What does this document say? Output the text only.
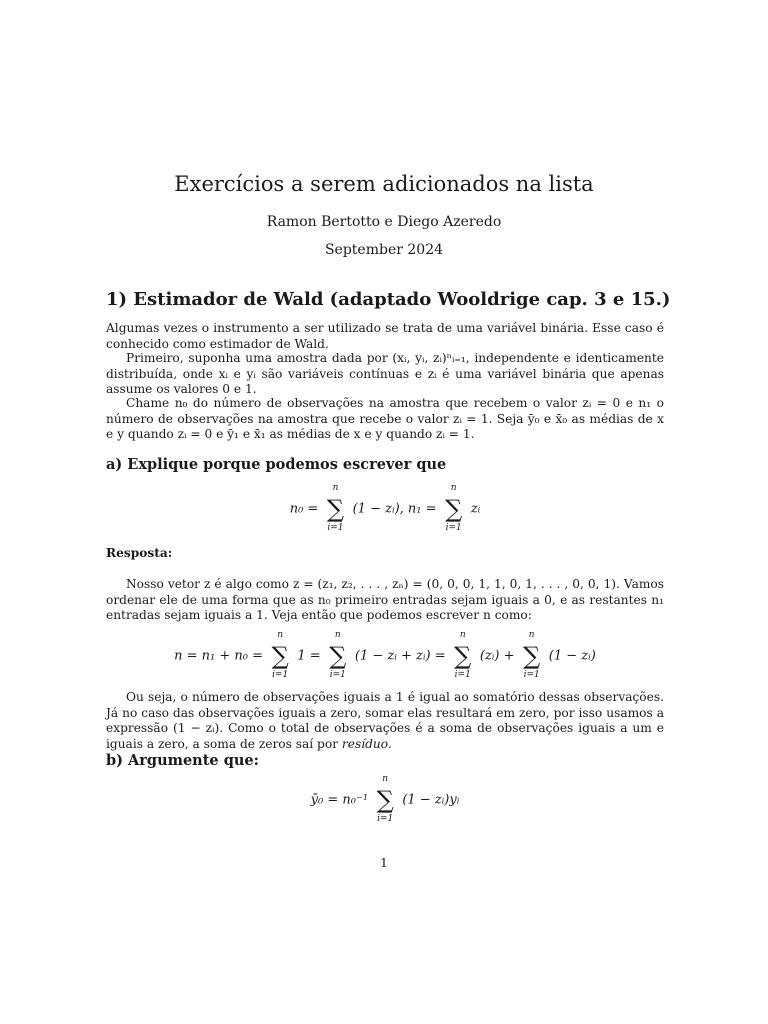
Exercícios a serem adicionados na lista
Ramon Bertotto e Diego Azeredo
September 2024
1) Estimador de Wald (adaptado Wooldrige cap. 3 e 15.)
Algumas vezes o instrumento a ser utilizado se trata de uma variável binária. Esse caso é conhecido como estimador de Wald.
Primeiro, suponha uma amostra dada por (xᵢ, yᵢ, zᵢ)ⁿᵢ₌₁, independente e identicamente distribuída, onde xᵢ e yᵢ são variáveis contínuas e zᵢ é uma variável binária que apenas assume os valores 0 e 1.
Chame n₀ do número de observações na amostra que recebem o valor zᵢ = 0 e n₁ o número de observações na amostra que recebe o valor zᵢ = 1. Seja ȳ₀ e x̄₀ as médias de x e y quando zᵢ = 0 e ȳ₁ e x̄₁ as médias de x e y quando zᵢ = 1.
a) Explique porque podemos escrever que
n₀ =
n
∑
i=1
(1 − zᵢ), n₁ =
n
∑
i=1
zᵢ
Resposta:
Nosso vetor z é algo como z = (z₁, z₂, . . . , zₙ) = (0, 0, 0, 1, 1, 0, 1, . . . , 0, 0, 1). Vamos ordenar ele de uma forma que as n₀ primeiro entradas sejam iguais a 0, e as restantes n₁ entradas sejam iguais a 1. Veja então que podemos escrever n como:
n = n₁ + n₀ =
n
∑
i=1
1 =
n
∑
i=1
(1 − zᵢ + zᵢ) =
n
∑
i=1
(zᵢ) +
n
∑
i=1
(1 − zᵢ)
Ou seja, o número de observações iguais a 1 é igual ao somatório dessas observações. Já no caso das observações iguais a zero, somar elas resultará em zero, por isso usamos a expressão (1 − zᵢ). Como o total de observações é a soma de observações iguais a um e iguais a zero, a soma de zeros saí por resíduo.
b) Argumente que:
ȳ₀ = n₀⁻¹
n
∑
i=1
(1 − zᵢ)yᵢ
1
